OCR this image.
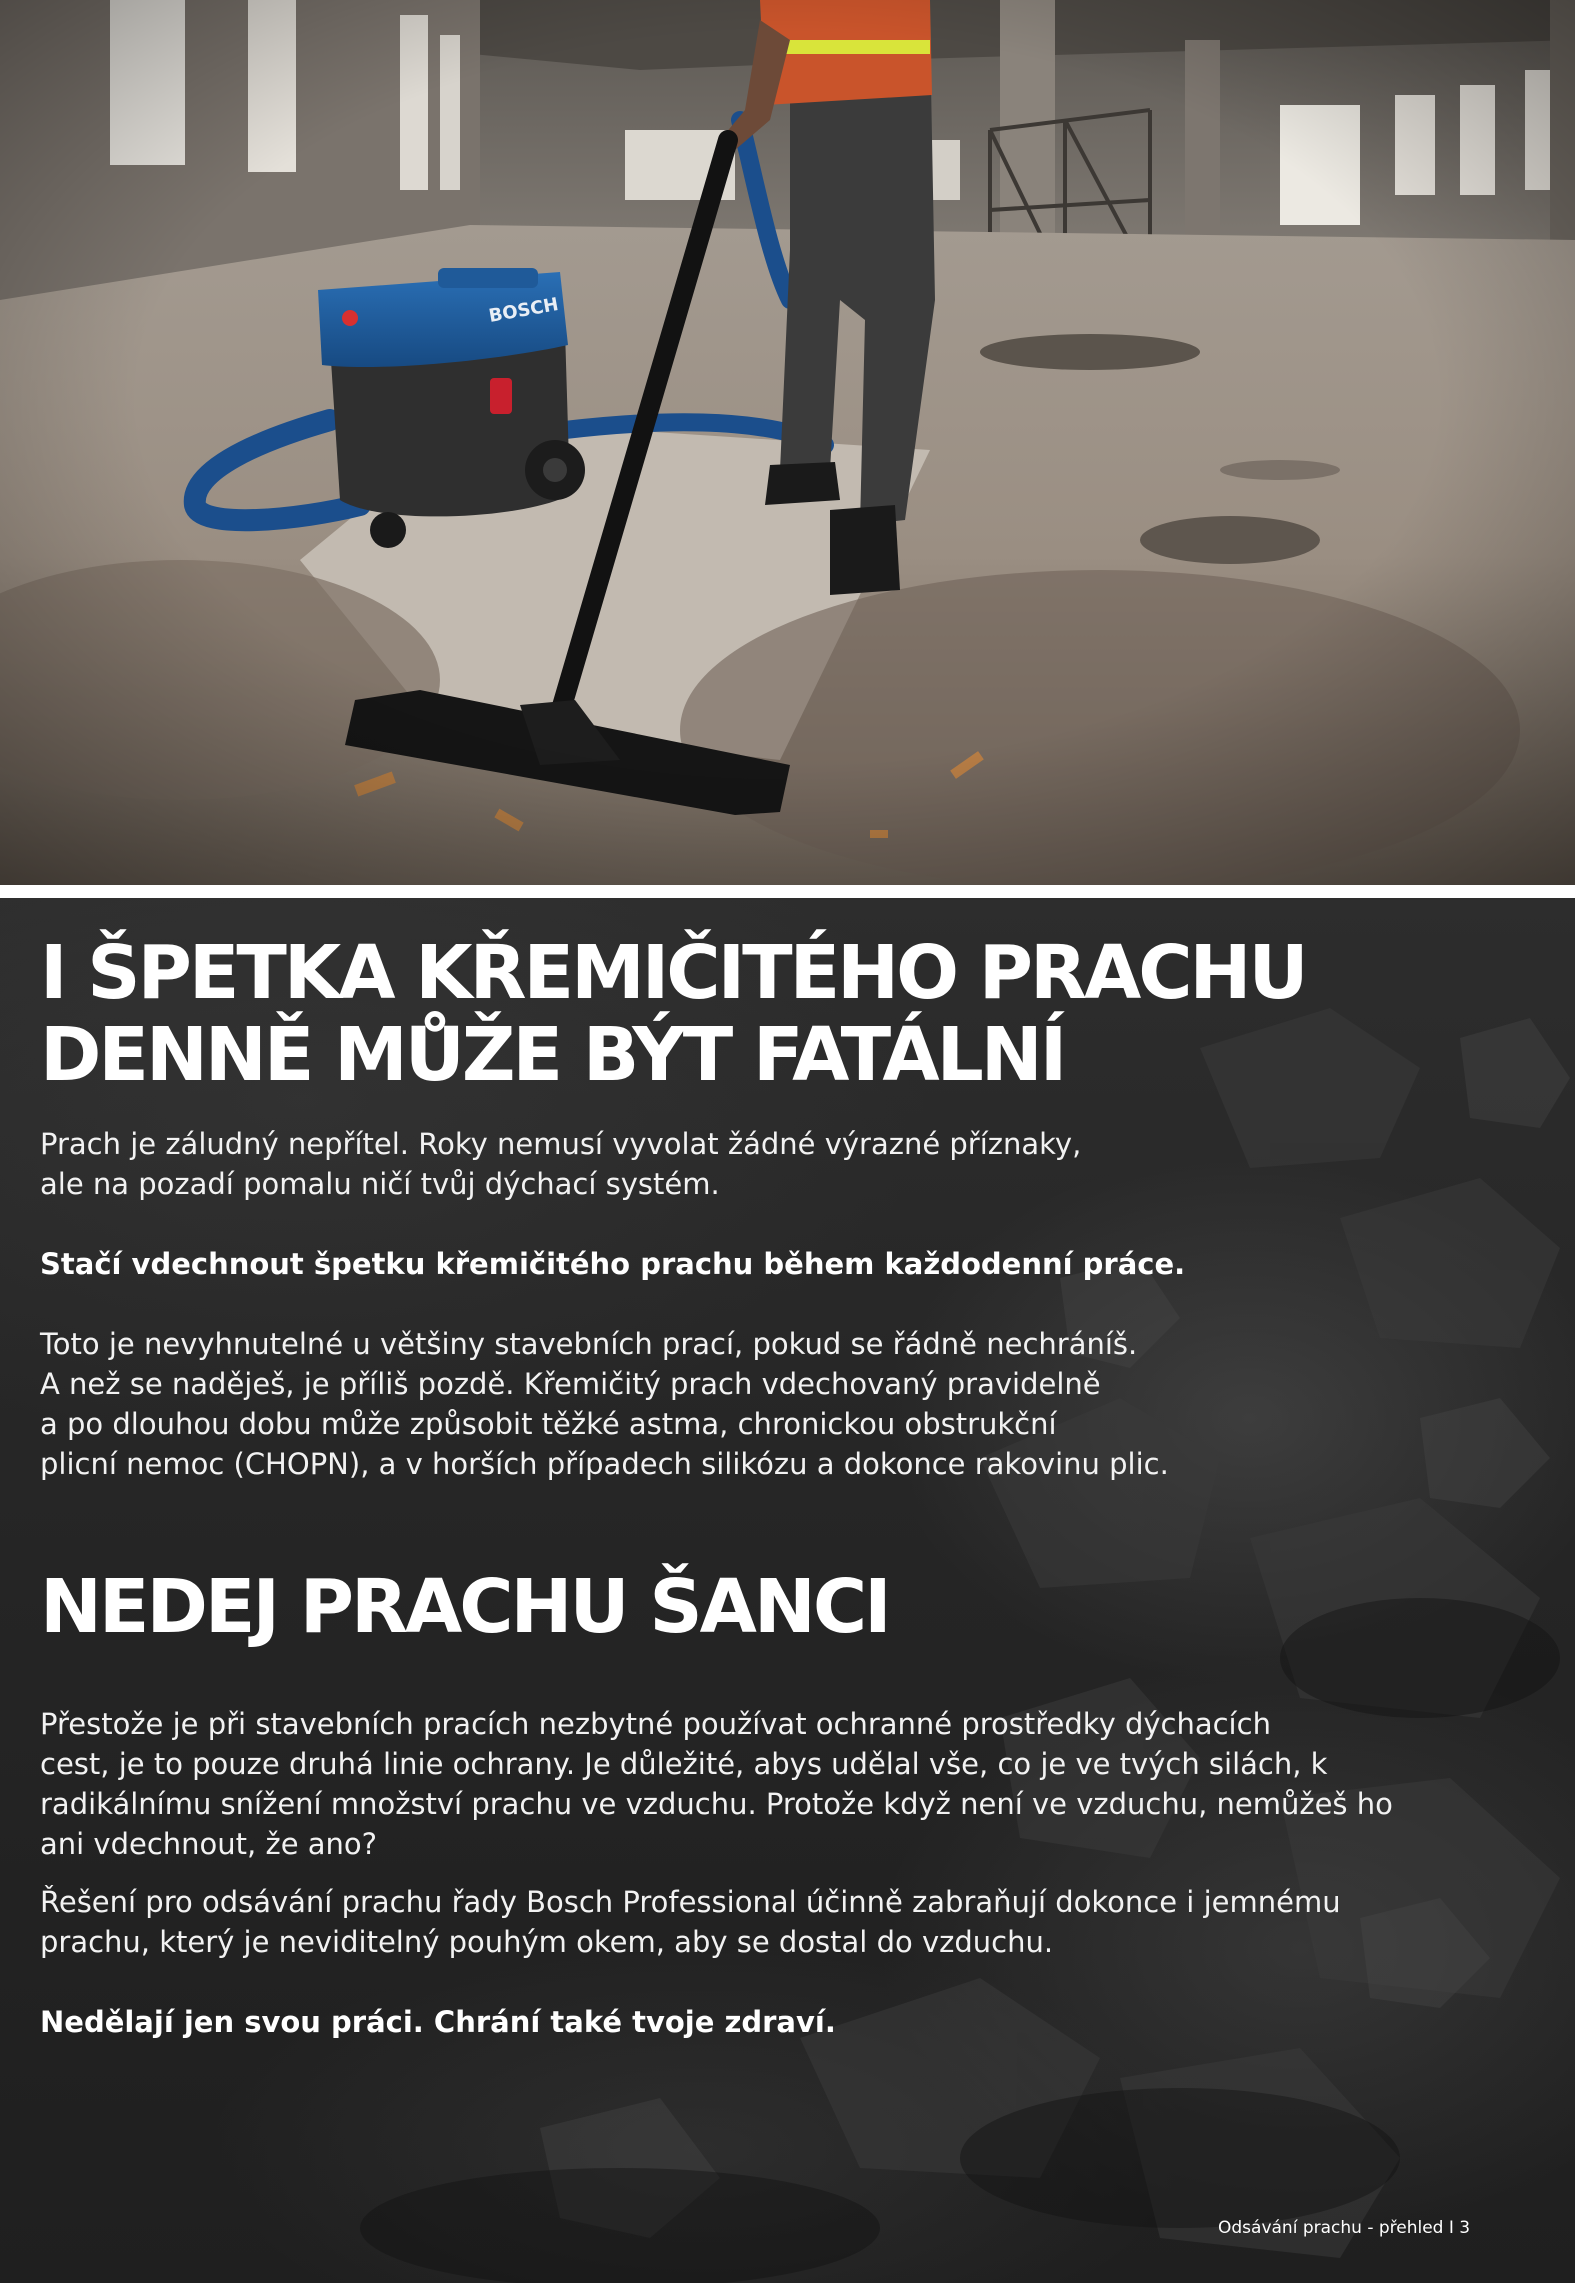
I ŠPETKA KŘEMIČITÉHO PRACHU
DENNĚ MŮŽE BÝT FATÁLNÍ

Prach je záludný nepřítel. Roky nemusí vyvolat žádné výrazné příznaky,
ale na pozadí pomalu ničí tvůj dýchací systém.

Stačí vdechnout špetku křemičitého prachu během každodenní práce.

Toto je nevyhnutelné u většiny stavebních prací, pokud se řádně nechráníš.
A než se naděješ, je příliš pozdě. Křemičitý prach vdechovaný pravidelně
a po dlouhou dobu může způsobit těžké astma, chronickou obstrukční
plicní nemoc (CHOPN), a v horších případech silikózu a dokonce rakovinu plic.

NEDEJ PRACHU ŠANCI

Přestože je při stavebních pracích nezbytné používat ochranné prostředky dýchacích
cest, je to pouze druhá linie ochrany. Je důležité, abys udělal vše, co je ve tvých silách, k
radikálnímu snížení množství prachu ve vzduchu. Protože když není ve vzduchu, nemůžeš ho
ani vdechnout, že ano?

Řešení pro odsávání prachu řady Bosch Professional účinně zabraňují dokonce i jemnému
prachu, který je neviditelný pouhým okem, aby se dostal do vzduchu.

Nedělají jen svou práci. Chrání také tvoje zdraví.

Odsávání prachu - přehled I 3
